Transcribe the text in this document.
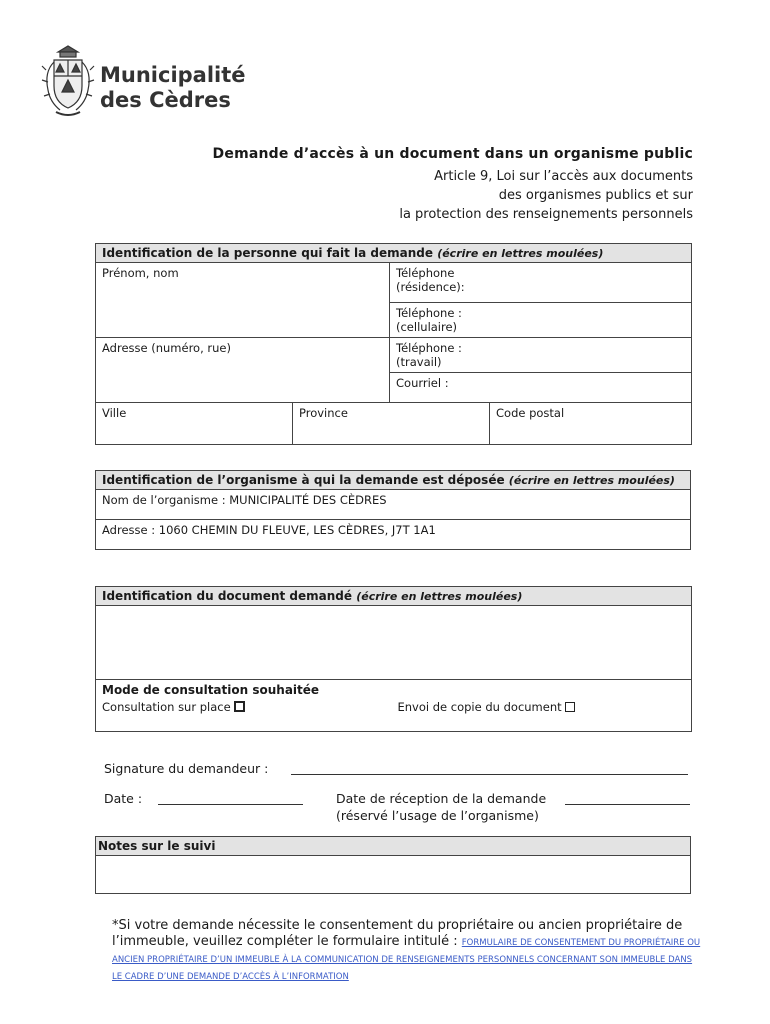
Municipalité
des Cèdres
Demande d’accès à un document dans un organisme public
Article 9, Loi sur l’accès aux documents
des organismes publics et sur
la protection des renseignements personnels
Identification de la personne qui fait la demande (écrire en lettres moulées)			
Prénom, nom		Téléphone
(résidence):	

		Téléphone :
(cellulaire)	

Adresse (numéro, rue)		Téléphone :
(travail)	

		Courriel :	
Ville	Province		Code postal
Identification de l’organisme à qui la demande est déposée (écrire en lettres moulées)
Nom de l’organisme : MUNICIPALITÉ DES CÈDRES
Adresse : 1060 CHEMIN DU FLEUVE, LES CÈDRES, J7T 1A1
Identification du document demandé (écrire en lettres moulées)

Mode de consultation souhaitée
Consultation sur place	Envoi de copie du document
Signature du demandeur :
Date :	Date de réception de la demande
(réservé l’usage de l’organisme)
Notes sur le suivi

*Si votre demande nécessite le consentement du propriétaire ou ancien propriétaire de l’immeuble, veuillez compléter le formulaire intitulé : FORMULAIRE DE CONSENTEMENT DU PROPRIÉTAIRE OU ANCIEN PROPRIÉTAIRE D’UN IMMEUBLE À LA COMMUNICATION DE RENSEIGNEMENTS PERSONNELS CONCERNANT SON IMMEUBLE DANS LE CADRE D’UNE DEMANDE D’ACCÈS À L’INFORMATION
